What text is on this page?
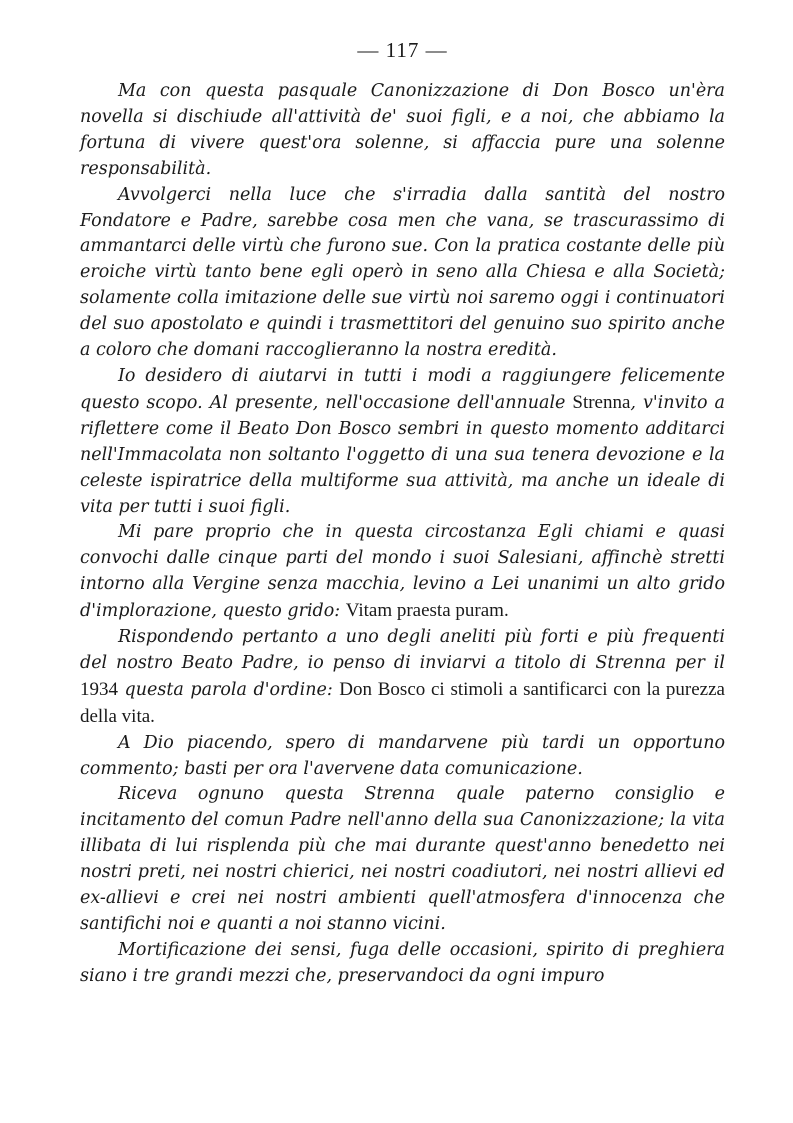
— 117 —

Ma con questa pasquale Canonizzazione di Don Bosco un'èra novella si dischiude all'attività de' suoi figli, e a noi, che abbiamo la fortuna di vivere quest'ora solenne, si affaccia pure una solenne responsabilità.

Avvolgerci nella luce che s'irradia dalla santità del nostro Fondatore e Padre, sarebbe cosa men che vana, se trascurassimo di ammantarci delle virtù che furono sue. Con la pratica costante delle più eroiche virtù tanto bene egli operò in seno alla Chiesa e alla Società; solamente colla imitazione delle sue virtù noi saremo oggi i continuatori del suo apostolato e quindi i trasmettitori del genuino suo spirito anche a coloro che domani raccoglieranno la nostra eredità.

Io desidero di aiutarvi in tutti i modi a raggiungere felicemente questo scopo. Al presente, nell'occasione dell'annuale Strenna, v'invito a riflettere come il Beato Don Bosco sembri in questo momento additarci nell'Immacolata non soltanto l'oggetto di una sua tenera devozione e la celeste ispiratrice della multiforme sua attività, ma anche un ideale di vita per tutti i suoi figli.

Mi pare proprio che in questa circostanza Egli chiami e quasi convochi dalle cinque parti del mondo i suoi Salesiani, affinchè stretti intorno alla Vergine senza macchia, levino a Lei unanimi un alto grido d'implorazione, questo grido: Vitam praesta puram.

Rispondendo pertanto a uno degli aneliti più forti e più frequenti del nostro Beato Padre, io penso di inviarvi a titolo di Strenna per il 1934 questa parola d'ordine: Don Bosco ci stimoli a santificarci con la purezza della vita.

A Dio piacendo, spero di mandarvene più tardi un opportuno commento; basti per ora l'avervene data comunicazione.

Riceva ognuno questa Strenna quale paterno consiglio e incitamento del comun Padre nell'anno della sua Canonizzazione; la vita illibata di lui risplenda più che mai durante quest'anno benedetto nei nostri preti, nei nostri chierici, nei nostri coadiutori, nei nostri allievi ed ex-allievi e crei nei nostri ambienti quell'atmosfera d'innocenza che santifichi noi e quanti a noi stanno vicini.

Mortificazione dei sensi, fuga delle occasioni, spirito di preghiera siano i tre grandi mezzi che, preservandoci da ogni impuro
